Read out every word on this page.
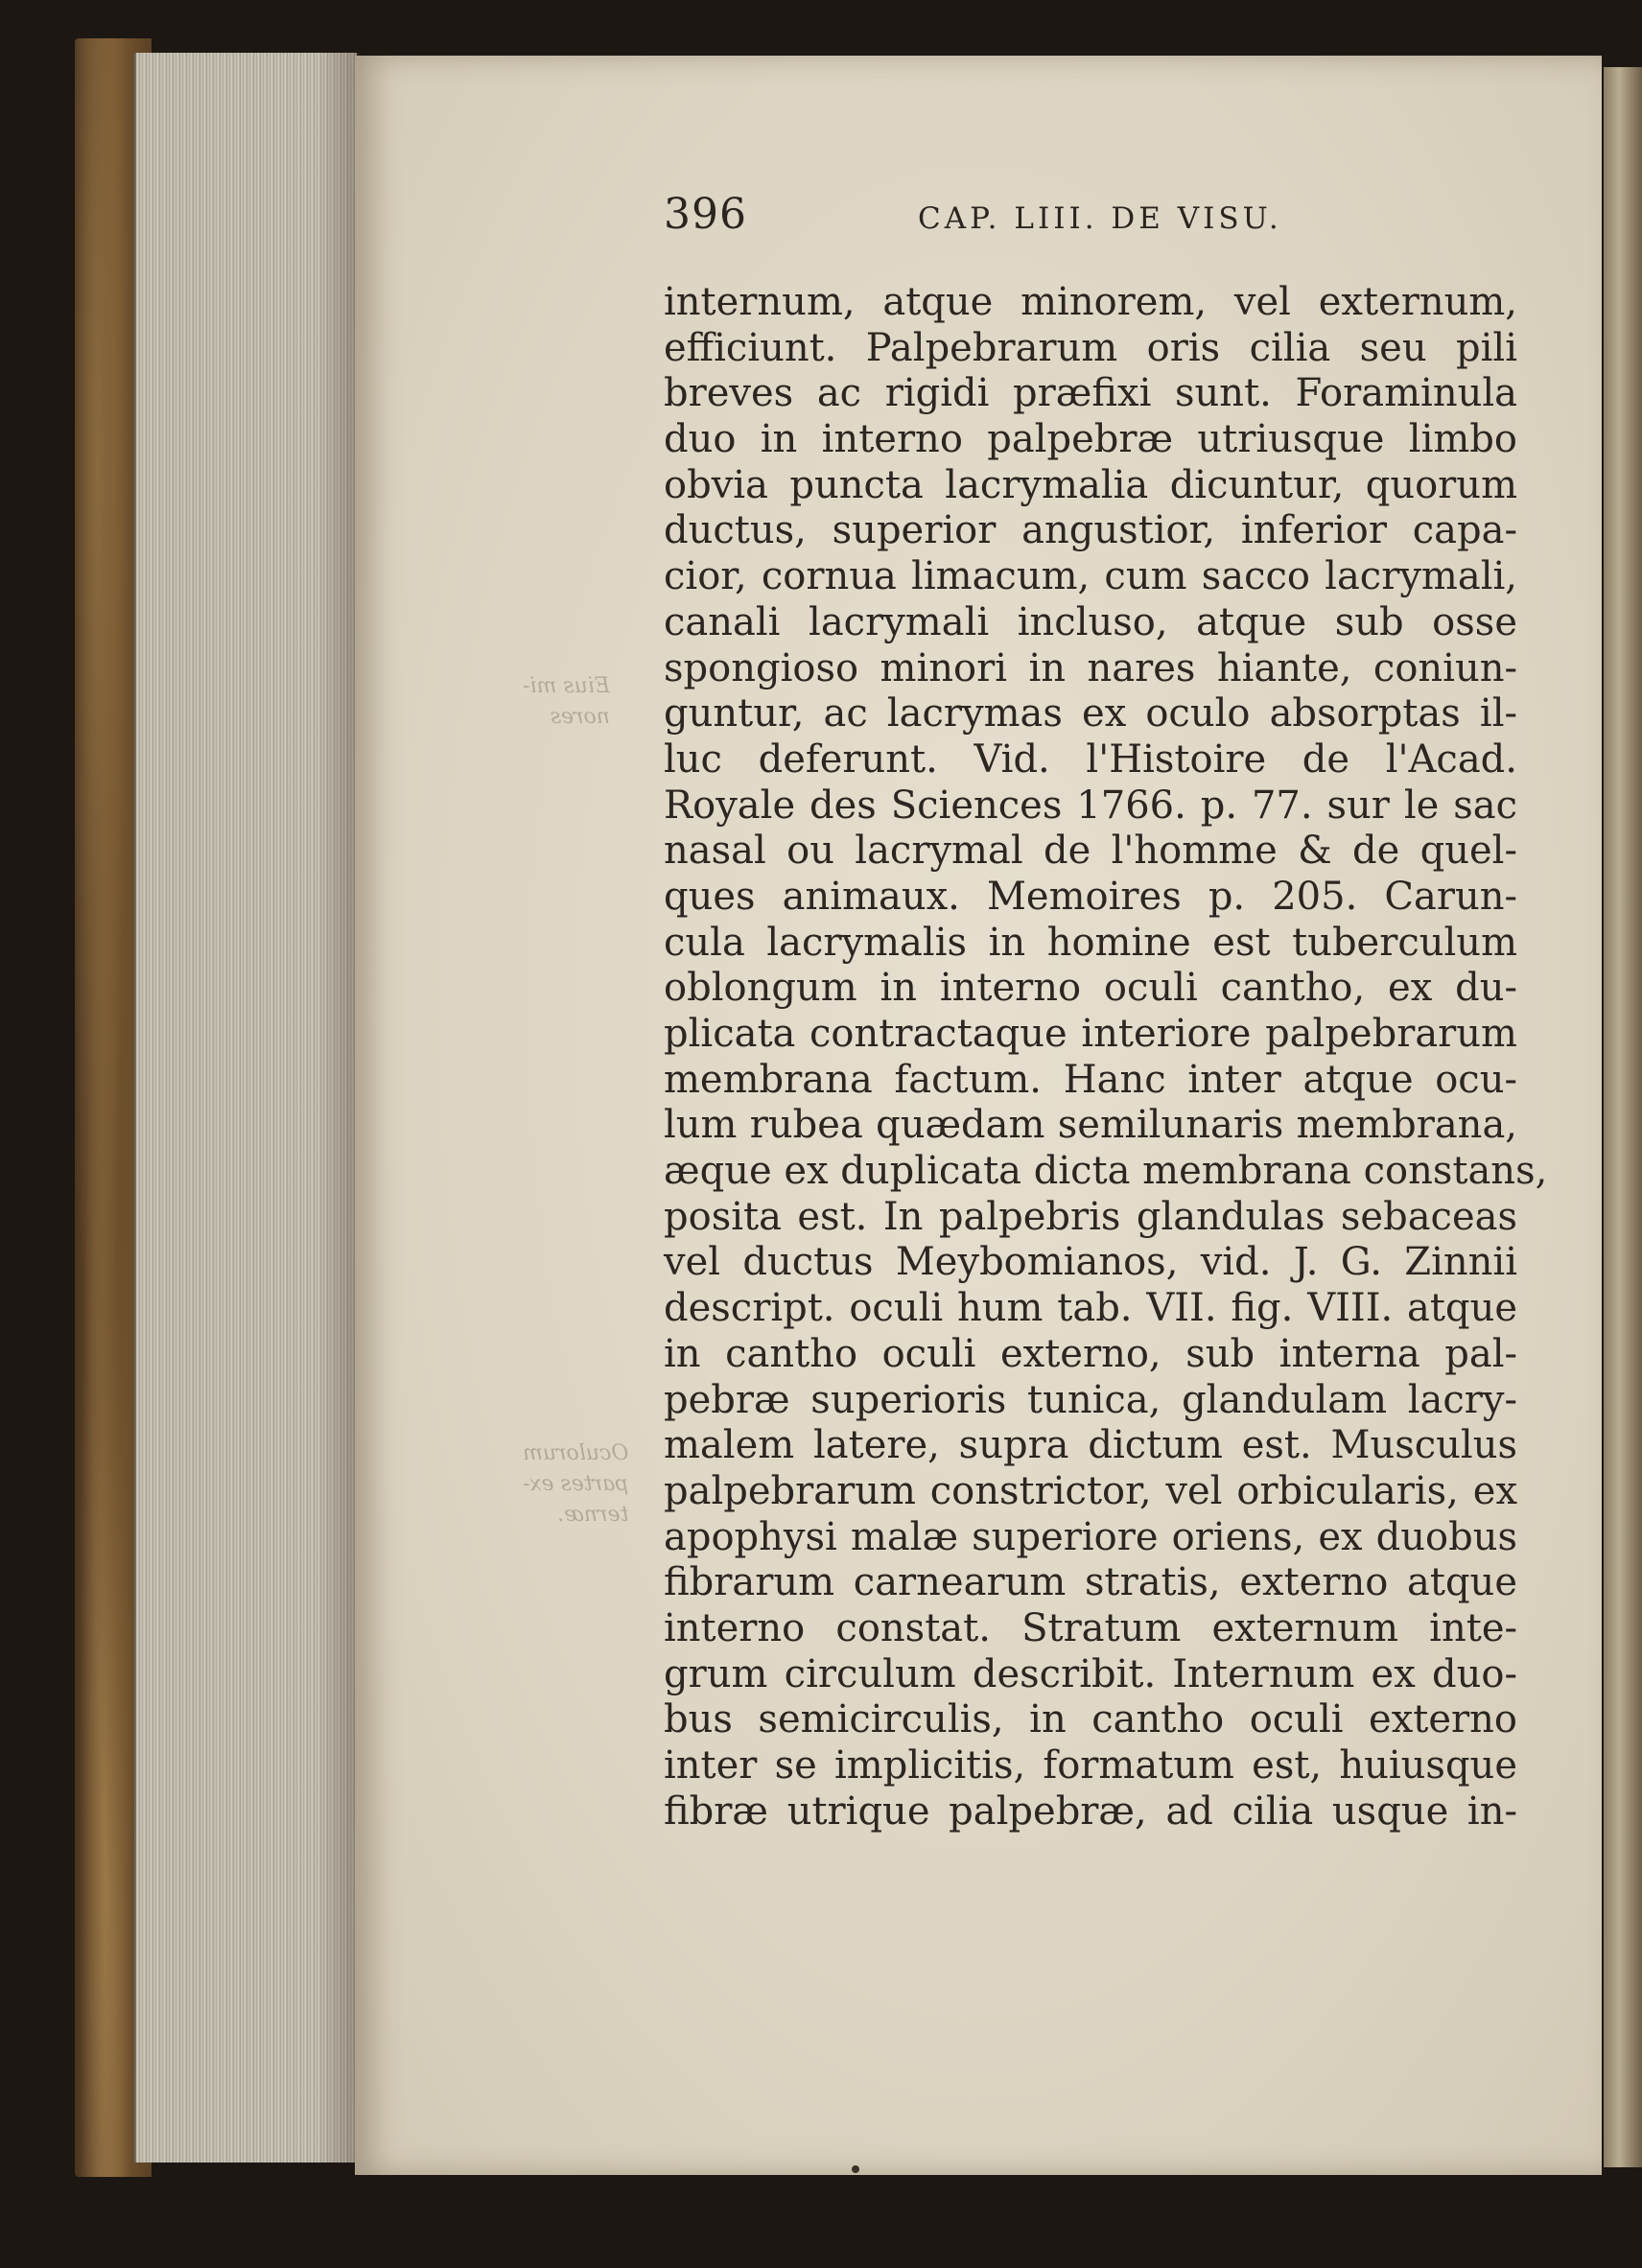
Eius mi-
nores
Oculorum
partes ex-
ternæ.
396	CAP. LIII. DE VISU.
internum, atque minorem, vel externum,
efficiunt. Palpebrarum oris cilia seu pili
breves ac rigidi præfixi sunt. Foraminula
duo in interno palpebræ utriusque limbo
obvia puncta lacrymalia dicuntur, quorum
ductus, superior angustior, inferior capa-
cior, cornua limacum, cum sacco lacrymali,
canali lacrymali incluso, atque sub osse
spongioso minori in nares hiante, coniun-
guntur, ac lacrymas ex oculo absorptas il-
luc deferunt. Vid. l'Histoire de l'Acad.
Royale des Sciences 1766. p. 77. sur le sac
nasal ou lacrymal de l'homme & de quel-
ques animaux. Memoires p. 205. Carun-
cula lacrymalis in homine est tuberculum
oblongum in interno oculi cantho, ex du-
plicata contractaque interiore palpebrarum
membrana factum. Hanc inter atque ocu-
lum rubea quædam semilunaris membrana,
æque ex duplicata dicta membrana constans,
posita est. In palpebris glandulas sebaceas
vel ductus Meybomianos, vid. J. G. Zinnii
descript. oculi hum tab. VII. fig. VIII. atque
in cantho oculi externo, sub interna pal-
pebræ superioris tunica, glandulam lacry-
malem latere, supra dictum est. Musculus
palpebrarum constrictor, vel orbicularis, ex
apophysi malæ superiore oriens, ex duobus
fibrarum carnearum stratis, externo atque
interno constat. Stratum externum inte-
grum circulum describit. Internum ex duo-
bus semicirculis, in cantho oculi externo
inter se implicitis, formatum est, huiusque
fibræ utrique palpebræ, ad cilia usque in-
